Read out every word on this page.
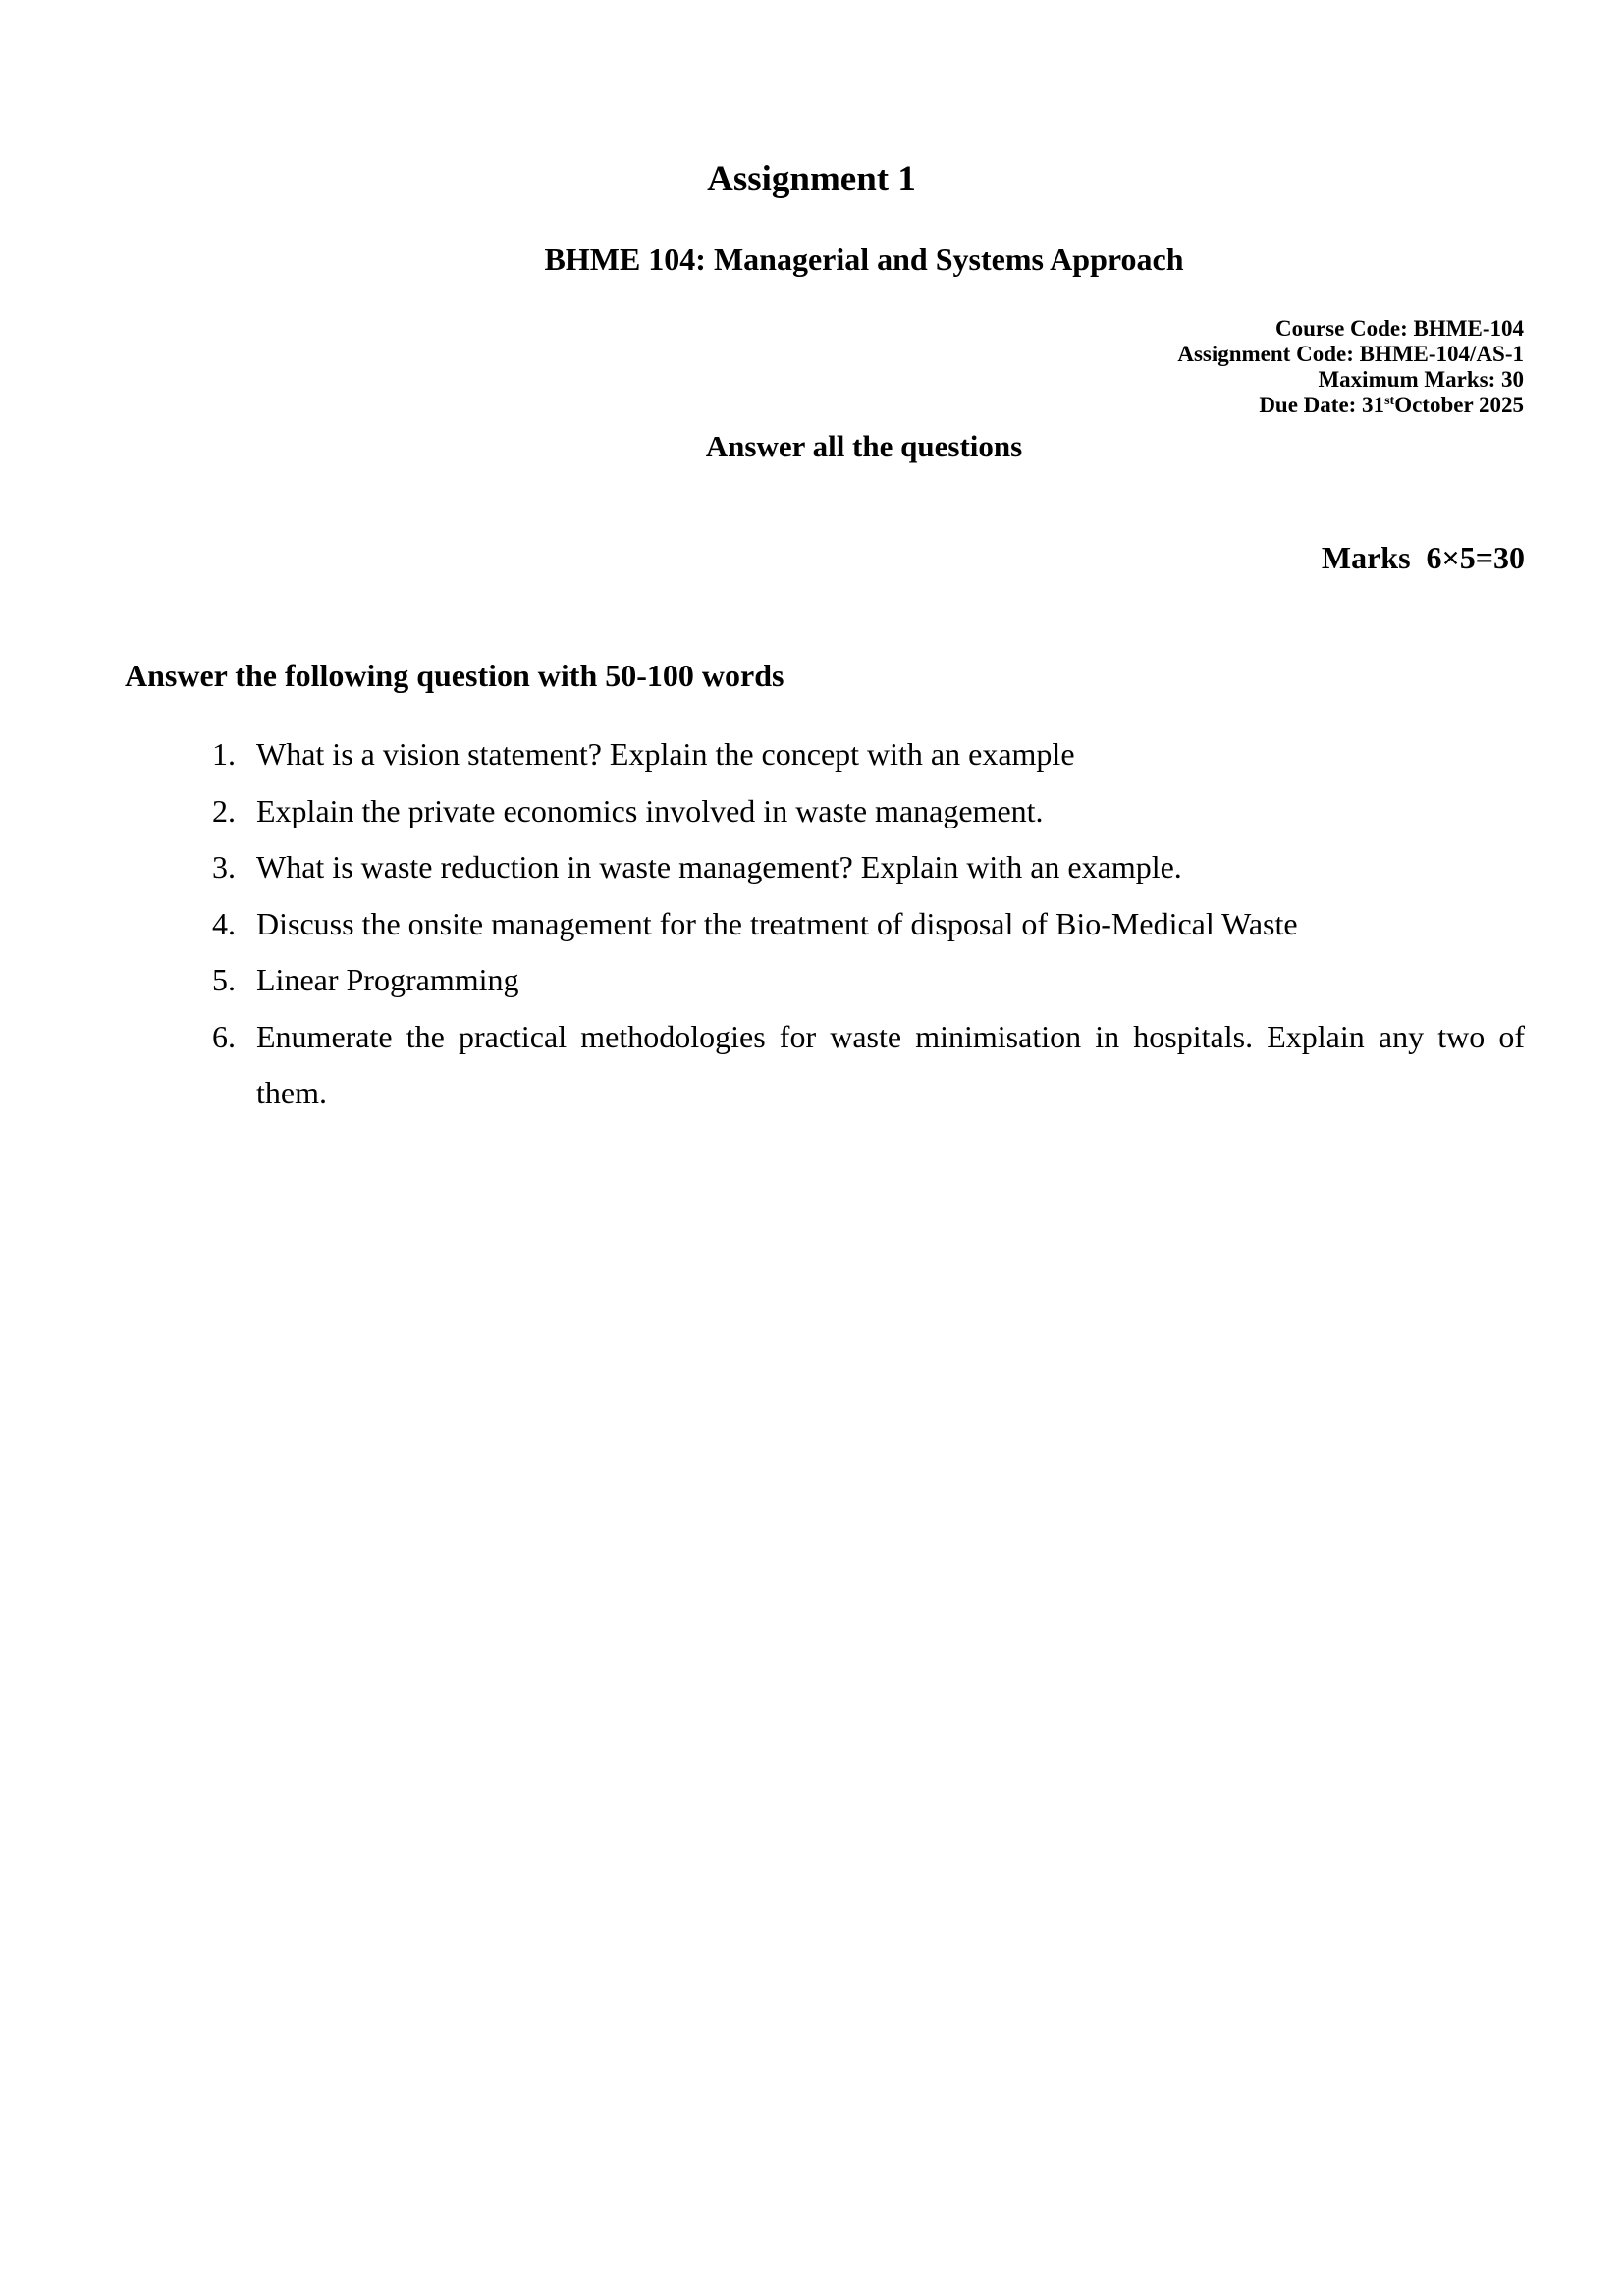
Assignment 1
BHME 104: Managerial and Systems Approach
Course Code: BHME-104
Assignment Code: BHME-104/AS-1
Maximum Marks: 30
Due Date: 31stOctober 2025
Answer all the questions
Marks  6×5=30
Answer the following question with 50-100 words
1. What is a vision statement? Explain the concept with an example
2. Explain the private economics involved in waste management.
3. What is waste reduction in waste management? Explain with an example.
4. Discuss the onsite management for the treatment of disposal of Bio-Medical Waste
5. Linear Programming
6. Enumerate the practical methodologies for waste minimisation in hospitals. Explain any two of them.
